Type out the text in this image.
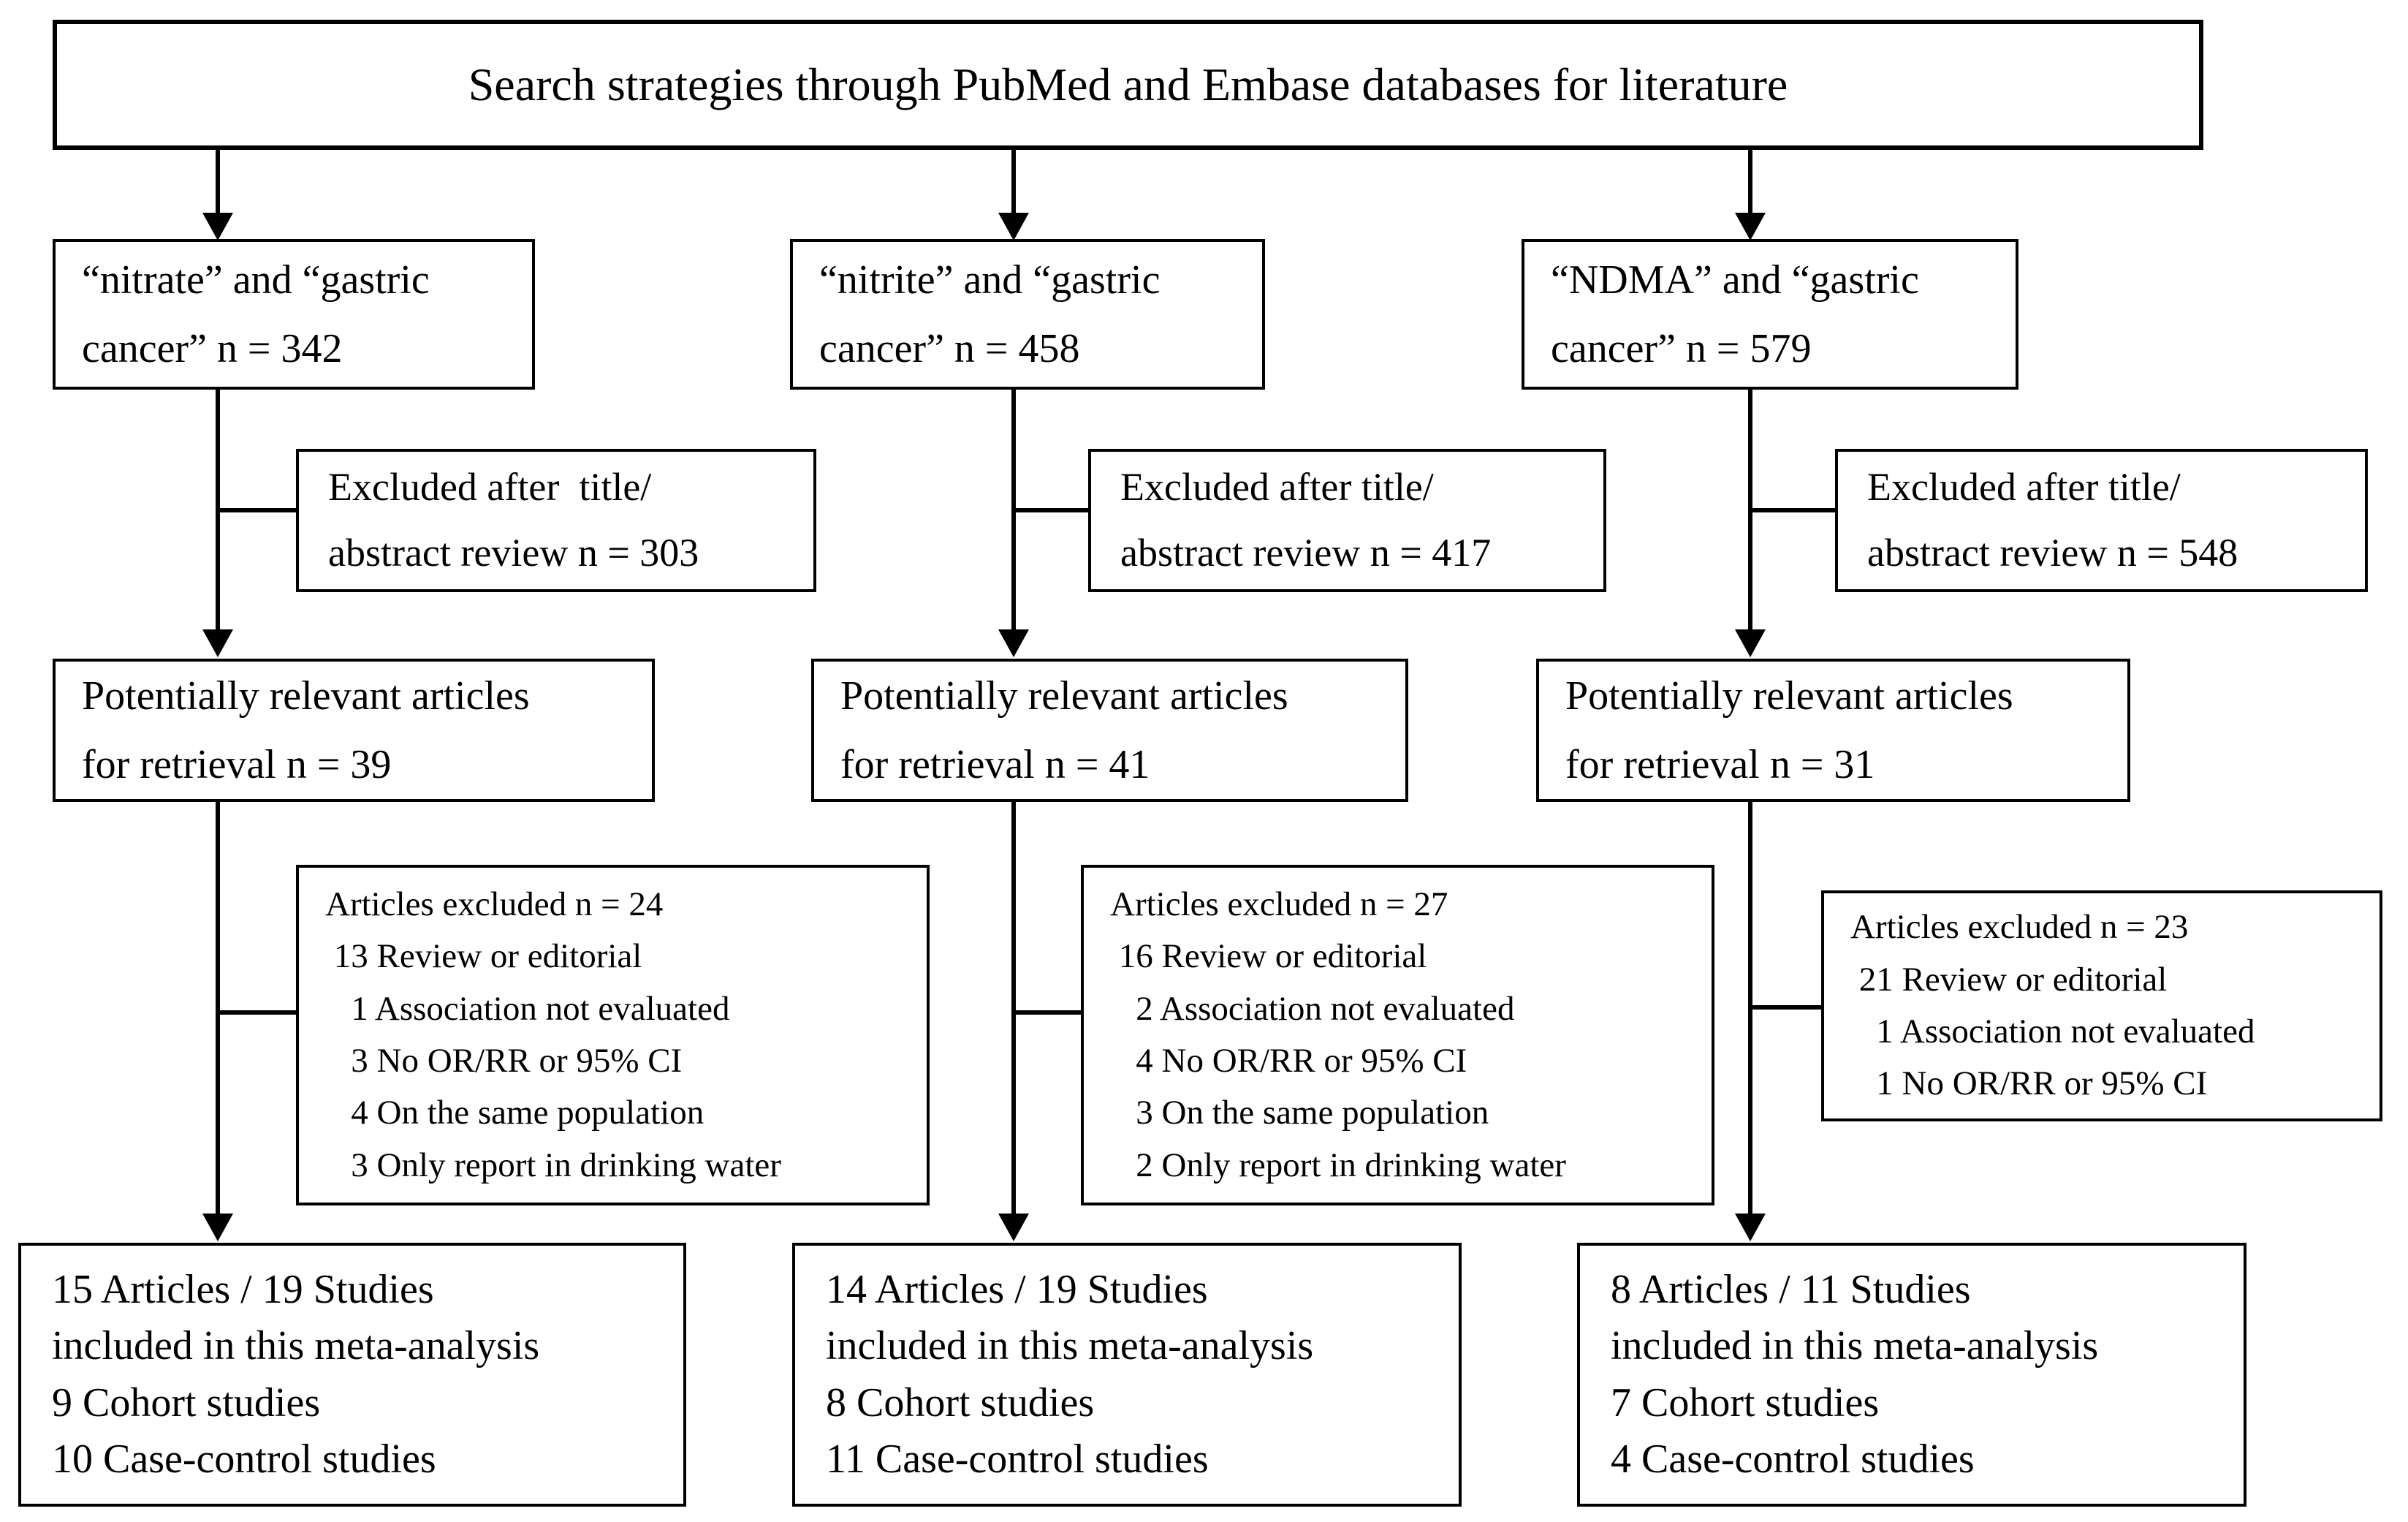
Search strategies through PubMed and Embase databases for literature
“nitrate” and “gastric
cancer” n = 342
Excluded after  title/
abstract review n = 303
Potentially relevant articles
for retrieval n = 39
Articles excluded n = 24
13 Review or editorial
1 Association not evaluated
3 No OR/RR or 95% CI
4 On the same population
3 Only report in drinking water
15 Articles / 19 Studies
included in this meta-analysis
9 Cohort studies
10 Case-control studies
“nitrite” and “gastric
cancer” n = 458
Excluded after title/
abstract review n = 417
Potentially relevant articles
for retrieval n = 41
Articles excluded n = 27
16 Review or editorial
2 Association not evaluated
4 No OR/RR or 95% CI
3 On the same population
2 Only report in drinking water
14 Articles / 19 Studies
included in this meta-analysis
8 Cohort studies
11 Case-control studies
“NDMA” and “gastric
cancer” n = 579
Excluded after title/
abstract review n = 548
Potentially relevant articles
for retrieval n = 31
Articles excluded n = 23
21 Review or editorial
1 Association not evaluated
1 No OR/RR or 95% CI
8 Articles / 11 Studies
included in this meta-analysis
7 Cohort studies
4 Case-control studies
